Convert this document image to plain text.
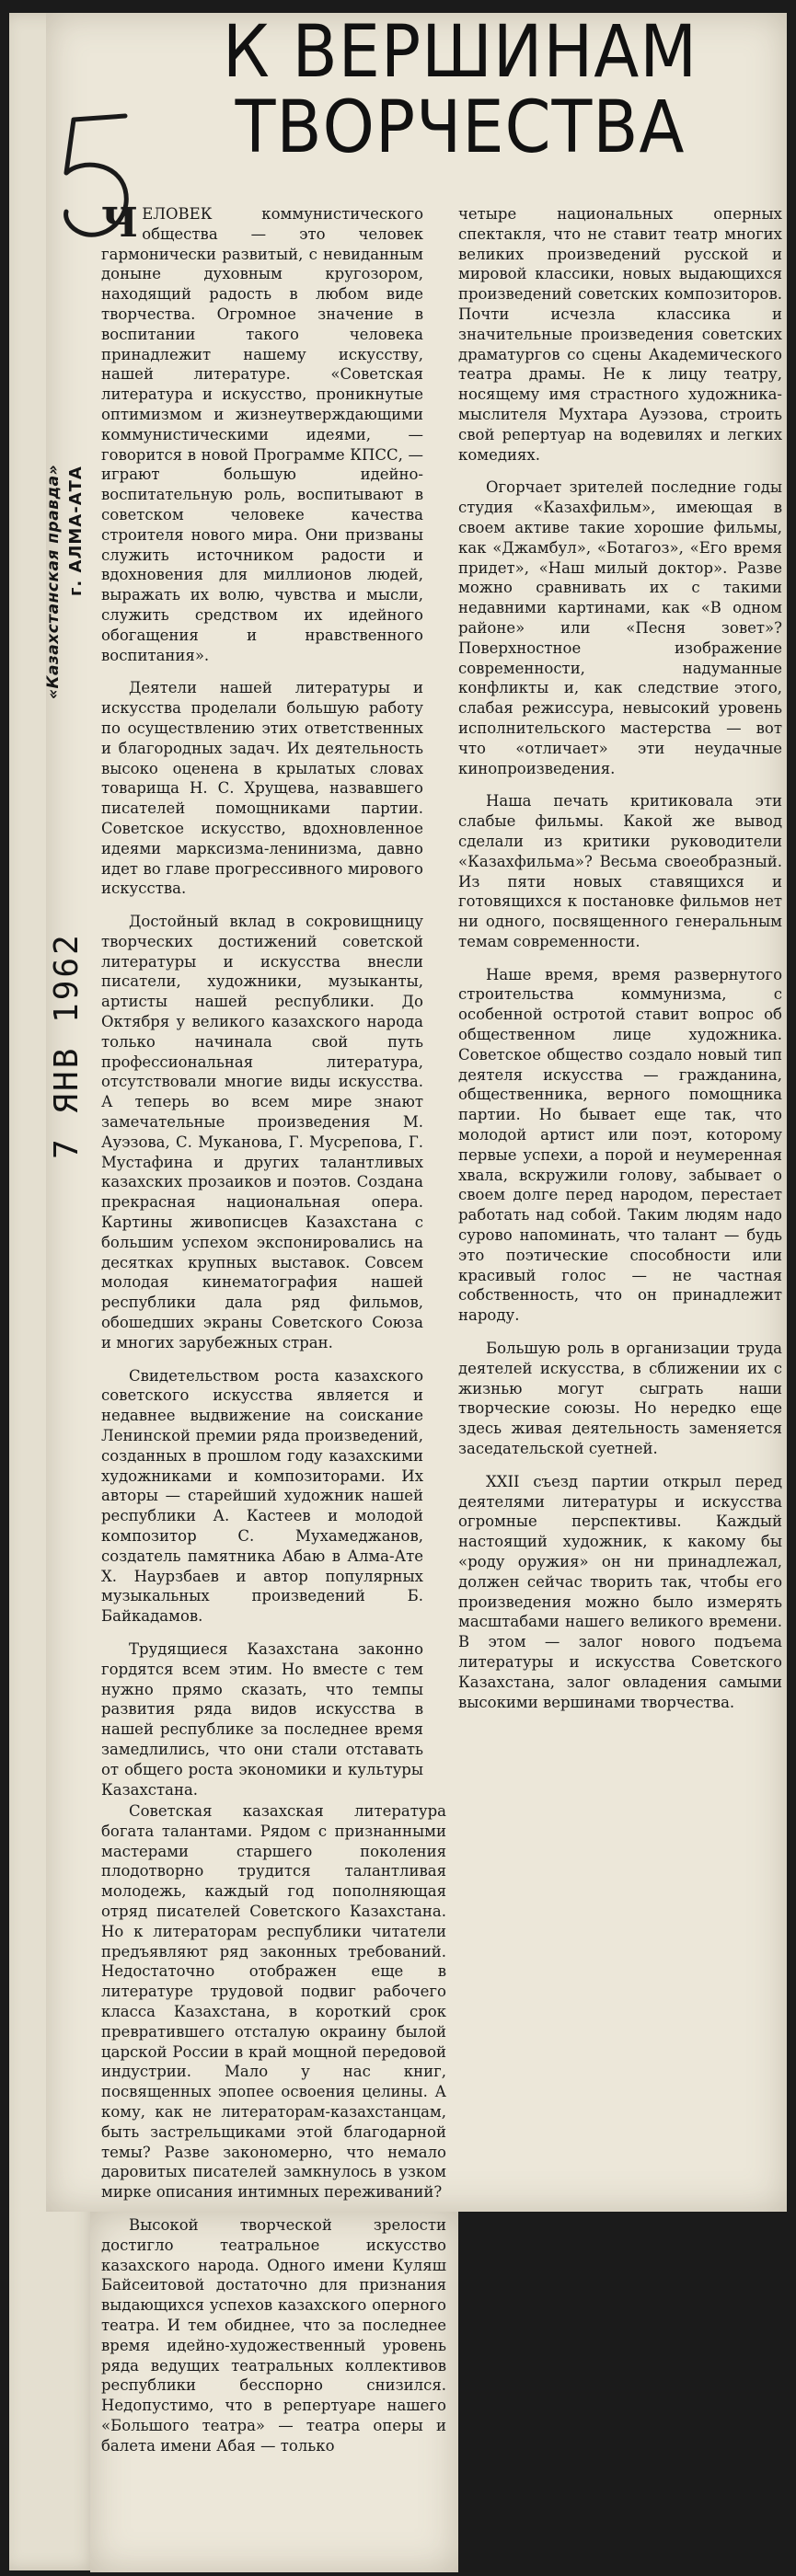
К ВЕРШИНАМ
ТВОРЧЕСТВА
«Казахстанская правда» г. АЛМА-АТА
7 ЯНВ 1962

ЧЕЛОВЕК коммунистического общества — это человек гармонически развитый, с невиданным доныне духовным кругозором, находящий радость в любом виде творчества. Огромное значение в воспитании такого человека принадлежит нашему искусству, нашей литературе. «Советская литература и искусство, проникнутые оптимизмом и жизнеутверждающими коммунистическими идеями, — говорится в новой Программе КПСС, — играют большую идейно-воспитательную роль, воспитывают в советском человеке качества строителя нового мира. Они призваны служить источником радости и вдохновения для миллионов людей, выражать их волю, чувства и мысли, служить средством их идейного обогащения и нравственного воспитания».

Деятели нашей литературы и искусства проделали большую работу по осуществлению этих ответственных и благородных задач. Их деятельность высоко оценена в крылатых словах товарища Н. С. Хрущева, назвавшего писателей помощниками партии. Советское искусство, вдохновленное идеями марксизма-ленинизма, давно идет во главе прогрессивного мирового искусства.

Достойный вклад в сокровищницу творческих достижений советской литературы и искусства внесли писатели, художники, музыканты, артисты нашей республики. До Октября у великого казахского народа только начинала свой путь профессиональная литература, отсутствовали многие виды искусства. А теперь во всем мире знают замечательные произведения М. Ауэзова, С. Муканова, Г. Мусрепова, Г. Мустафина и других талантливых казахских прозаиков и поэтов. Создана прекрасная национальная опера. Картины живописцев Казахстана с большим успехом экспонировались на десятках крупных выставок. Совсем молодая кинематография нашей республики дала ряд фильмов, обошедших экраны Советского Союза и многих зарубежных стран.

Свидетельством роста казахского советского искусства является и недавнее выдвижение на соискание Ленинской премии ряда произведений, созданных в прошлом году казахскими художниками и композиторами. Их авторы — старейший художник нашей республики А. Кастеев и молодой композитор С. Мухамеджанов, создатель памятника Абаю в Алма-Ате Х. Наурзбаев и автор популярных музыкальных произведений Б. Байкадамов.

Трудящиеся Казахстана законно гордятся всем этим. Но вместе с тем нужно прямо сказать, что темпы развития ряда видов искусства в нашей республике за последнее время замедлились, что они стали отставать от общего роста экономики и культуры Казахстана.

четыре национальных оперных спектакля, что не ставит театр многих великих произведений русской и мировой классики, новых выдающихся произведений советских композиторов. Почти исчезла классика и значительные произведения советских драматургов со сцены Академического театра драмы. Не к лицу театру, носящему имя страстного художника-мыслителя Мухтара Ауэзова, строить свой репертуар на водевилях и легких комедиях.

Огорчает зрителей последние годы студия «Казахфильм», имеющая в своем активе такие хорошие фильмы, как «Джамбул», «Ботагоз», «Его время придет», «Наш милый доктор». Разве можно сравнивать их с такими недавними картинами, как «В одном районе» или «Песня зовет»? Поверхностное изображение современности, надуманные конфликты и, как следствие этого, слабая режиссура, невысокий уровень исполнительского мастерства — вот что «отличает» эти неудачные кинопроизведения.

Наша печать критиковала эти слабые фильмы. Какой же вывод сделали из критики руководители «Казахфильма»? Весьма своеобразный. Из пяти новых ставящихся и готовящихся к постановке фильмов нет ни одного, посвященного генеральным темам современности.

Наше время, время развернутого строительства коммунизма, с особенной остротой ставит вопрос об общественном лице художника. Советское общество создало новый тип деятеля искусства — гражданина, общественника, верного помощника партии. Но бывает еще так, что молодой артист или поэт, которому первые успехи, а порой и неумеренная хвала, вскружили голову, забывает о своем долге перед народом, перестает работать над собой. Таким людям надо сурово напоминать, что талант — будь это поэтические способности или красивый голос — не частная собственность, что он принадлежит народу.

Большую роль в организации труда деятелей искусства, в сближении их с жизнью могут сыграть наши творческие союзы. Но нередко еще здесь живая деятельность заменяется заседательской суетней.

XXII съезд партии открыл перед деятелями литературы и искусства огромные перспективы. Каждый настоящий художник, к какому бы «роду оружия» он ни принадлежал, должен сейчас творить так, чтобы его произведения можно было измерять масштабами нашего великого времени. В этом — залог нового подъема литературы и искусства Советского Казахстана, залог овладения самыми высокими вершинами творчества.

Советская казахская литература богата талантами. Рядом с признанными мастерами старшего поколения плодотворно трудится талантливая молодежь, каждый год пополняющая отряд писателей Советского Казахстана. Но к литераторам республики читатели предъявляют ряд законных требований. Недостаточно отображен еще в литературе трудовой подвиг рабочего класса Казахстана, в короткий срок превратившего отсталую окраину былой царской России в край мощной передовой индустрии. Мало у нас книг, посвященных эпопее освоения целины. А кому, как не литераторам-казахстанцам, быть застрельщиками этой благодарной темы? Разве закономерно, что немало даровитых писателей замкнулось в узком мирке описания интимных переживаний?

Высокой творческой зрелости достигло театральное искусство казахского народа. Одного имени Куляш Байсеитовой достаточно для признания выдающихся успехов казахского оперного театра. И тем обиднее, что за последнее время идейно-художественный уровень ряда ведущих театральных коллективов республики бесспорно снизился. Недопустимо, что в репертуаре нашего «Большого театра» — театра оперы и балета имени Абая — только
